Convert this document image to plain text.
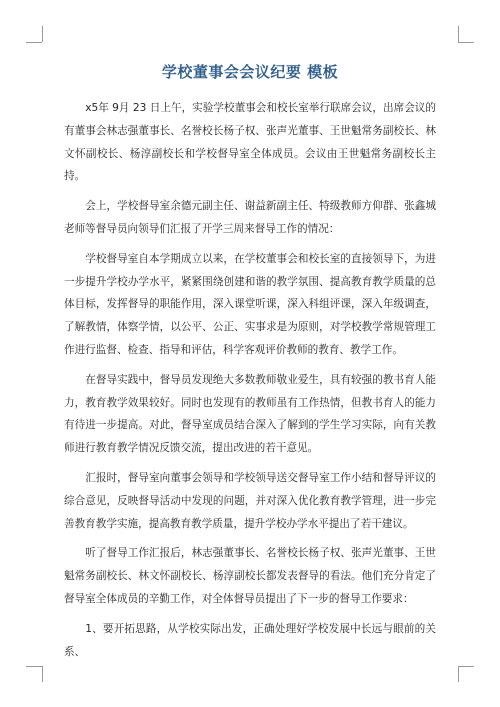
学校董事会会议纪要 模板

x5年 9月 23 日上午，实验学校董事会和校长室举行联席会议，出席会议的有董事会林志强董事长、名誉校长杨子权、张声光董事、王世魁常务副校长、林文怀副校长、杨淳副校长和学校督导室全体成员。会议由王世魁常务副校长主持。

会上，学校督导室余德元副主任、谢益新副主任、特级教师方仰群、张鑫城老师等督导员向领导们汇报了开学三周来督导工作的情况：

学校督导室自本学期成立以来，在学校董事会和校长室的直接领导下，为进一步提升学校办学水平，紧紧围绕创建和谐的教学氛围、提高教育教学质量的总体目标，发挥督导的职能作用，深入课堂听课，深入科组评课，深入年级调查，了解教情，体察学情，以公平、公正、实事求是为原则，对学校教学常规管理工作进行监督、检查、指导和评估，科学客观评价教师的教育、教学工作。

在督导实践中，督导员发现绝大多数教师敬业爱生，具有较强的教书育人能力，教育教学效果较好。同时也发现有的教师虽有工作热情，但教书育人的能力有待进一步提高。对此，督导室成员结合深入了解到的学生学习实际，向有关教师进行教育教学情况反馈交流，提出改进的若干意见。

汇报时，督导室向董事会领导和学校领导送交督导室工作小结和督导评议的综合意见，反映督导活动中发现的问题，并对深入优化教育教学管理，进一步完善教育教学实施，提高教育教学质量，提升学校办学水平提出了若干建议。

听了督导工作汇报后，林志强董事长、名誉校长杨子权、张声光董事、王世魁常务副校长、林文怀副校长、杨淳副校长都发表督导的看法。他们充分肯定了督导室全体成员的辛勤工作，对全体督导员提出了下一步的督导工作要求：

1、要开拓思路，从学校实际出发，正确处理好学校发展中长远与眼前的关系、
